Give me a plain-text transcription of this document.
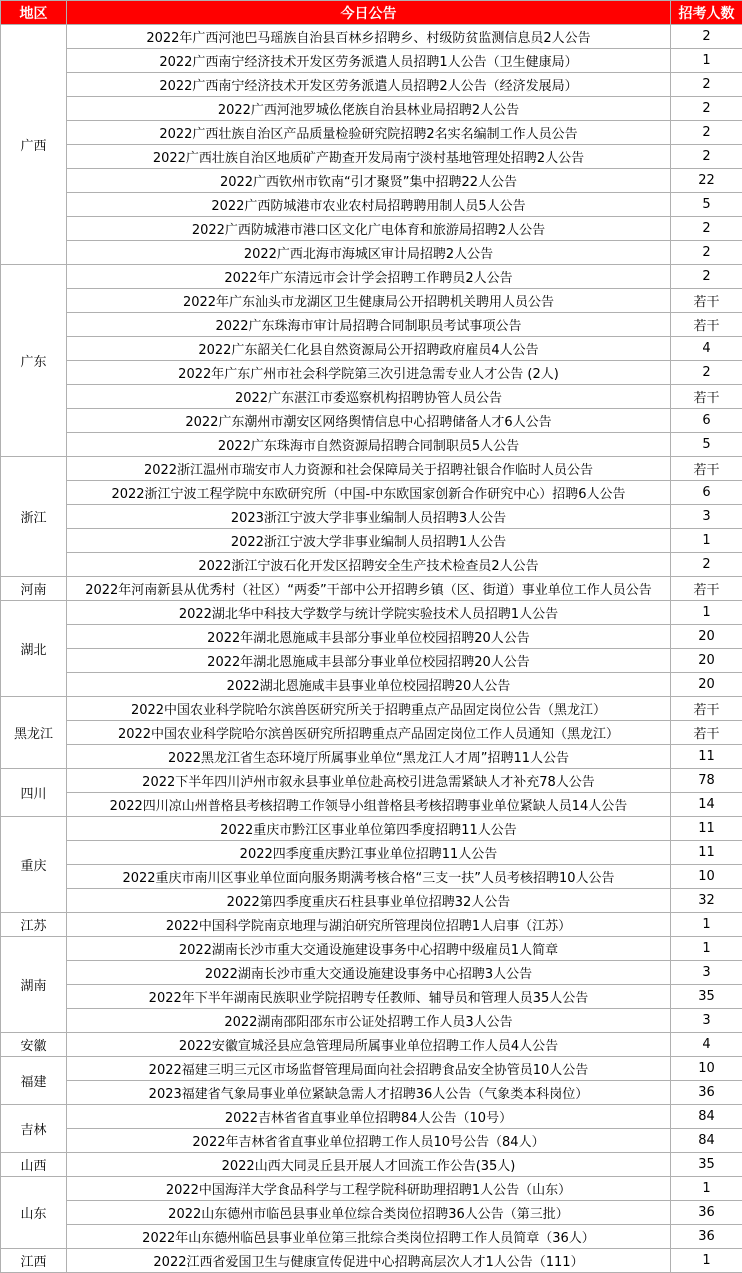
地区	今日公告	招考人数
广西	2022年广西河池巴马瑶族自治县百林乡招聘乡、村级防贫监测信息员2人公告	2
	2022广西南宁经济技术开发区劳务派遣人员招聘1人公告（卫生健康局）	1
	2022广西南宁经济技术开发区劳务派遣人员招聘2人公告（经济发展局）	2
	2022广西河池罗城仫佬族自治县林业局招聘2人公告	2
	2022广西壮族自治区产品质量检验研究院招聘2名实名编制工作人员公告	2
	2022广西壮族自治区地质矿产勘查开发局南宁淡村基地管理处招聘2人公告	2
	2022广西钦州市钦南“引才聚贤”集中招聘22人公告	22
	2022广西防城港市农业农村局招聘聘用制人员5人公告	5
	2022广西防城港市港口区文化广电体育和旅游局招聘2人公告	2
	2022广西北海市海城区审计局招聘2人公告	2
广东	2022年广东清远市会计学会招聘工作聘员2人公告	2
	2022年广东汕头市龙湖区卫生健康局公开招聘机关聘用人员公告	若干
	2022广东珠海市审计局招聘合同制职员考试事项公告	若干
	2022广东韶关仁化县自然资源局公开招聘政府雇员4人公告	4
	2022年广东广州市社会科学院第三次引进急需专业人才公告 (2人)	2
	2022广东湛江市委巡察机构招聘协管人员公告	若干
	2022广东潮州市潮安区网络舆情信息中心招聘储备人才6人公告	6
	2022广东珠海市自然资源局招聘合同制职员5人公告	5
浙江	2022浙江温州市瑞安市人力资源和社会保障局关于招聘社银合作临时人员公告	若干
	2022浙江宁波工程学院中东欧研究所（中国-中东欧国家创新合作研究中心）招聘6人公告	6
	2023浙江宁波大学非事业编制人员招聘3人公告	3
	2022浙江宁波大学非事业编制人员招聘1人公告	1
	2022浙江宁波石化开发区招聘安全生产技术检查员2人公告	2
河南	2022年河南新县从优秀村（社区）“两委”干部中公开招聘乡镇（区、街道）事业单位工作人员公告	若干
湖北	2022湖北华中科技大学数学与统计学院实验技术人员招聘1人公告	1
	2022年湖北恩施咸丰县部分事业单位校园招聘20人公告	20
	2022年湖北恩施咸丰县部分事业单位校园招聘20人公告	20
	2022湖北恩施咸丰县事业单位校园招聘20人公告	20
黑龙江	2022中国农业科学院哈尔滨兽医研究所关于招聘重点产品固定岗位公告（黑龙江）	若干
	2022中国农业科学院哈尔滨兽医研究所招聘重点产品固定岗位工作人员通知（黑龙江）	若干
	2022黑龙江省生态环境厅所属事业单位“黑龙江人才周”招聘11人公告	11
四川	2022下半年四川泸州市叙永县事业单位赴高校引进急需紧缺人才补充78人公告	78
	2022四川凉山州普格县考核招聘工作领导小组普格县考核招聘事业单位紧缺人员14人公告	14
重庆	2022重庆市黔江区事业单位第四季度招聘11人公告	11
	2022四季度重庆黔江事业单位招聘11人公告	11
	2022重庆市南川区事业单位面向服务期满考核合格“三支一扶”人员考核招聘10人公告	10
	2022第四季度重庆石柱县事业单位招聘32人公告	32
江苏	2022中国科学院南京地理与湖泊研究所管理岗位招聘1人启事（江苏）	1
湖南	2022湖南长沙市重大交通设施建设事务中心招聘中级雇员1人简章	1
	2022湖南长沙市重大交通设施建设事务中心招聘3人公告	3
	2022年下半年湖南民族职业学院招聘专任教师、辅导员和管理人员35人公告	35
	2022湖南邵阳邵东市公证处招聘工作人员3人公告	3
安徽	2022安徽宣城泾县应急管理局所属事业单位招聘工作人员4人公告	4
福建	2022福建三明三元区市场监督管理局面向社会招聘食品安全协管员10人公告	10
	2023福建省气象局事业单位紧缺急需人才招聘36人公告（气象类本科岗位）	36
吉林	2022吉林省省直事业单位招聘84人公告（10号）	84
	2022年吉林省省直事业单位招聘工作人员10号公告（84人）	84
山西	2022山西大同灵丘县开展人才回流工作公告(35人)	35
山东	2022中国海洋大学食品科学与工程学院科研助理招聘1人公告（山东）	1
	2022山东德州市临邑县事业单位综合类岗位招聘36人公告（第三批）	36
	2022年山东德州临邑县事业单位第三批综合类岗位招聘工作人员简章（36人）	36
江西	2022江西省爱国卫生与健康宣传促进中心招聘高层次人才1人公告（111）	1
